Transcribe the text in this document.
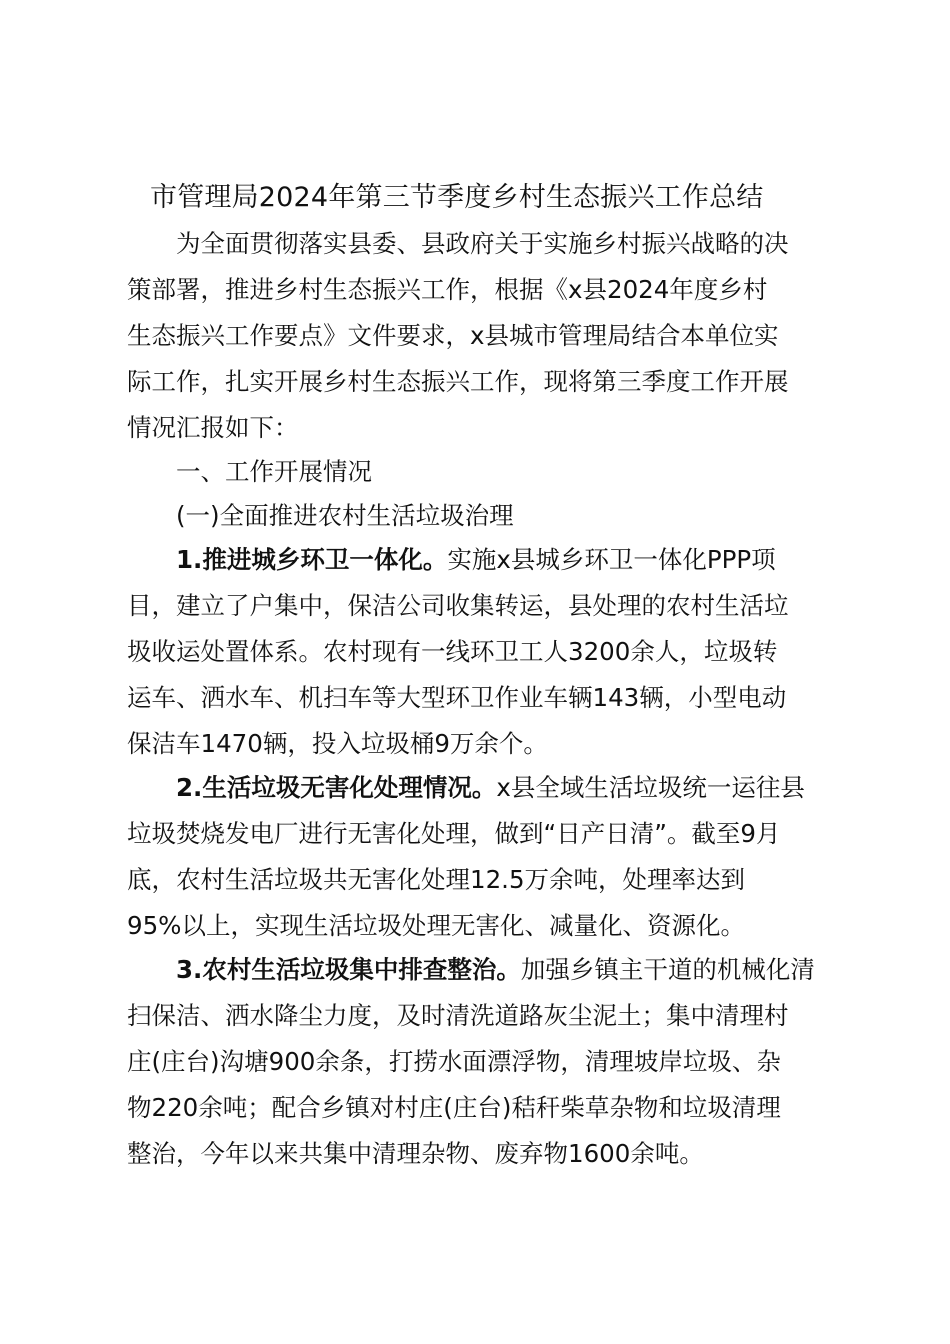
市管理局2024年第三节季度乡村生态振兴工作总结
为全面贯彻落实县委、县政府关于实施乡村振兴战略的决
策部署，推进乡村生态振兴工作，根据《x县2024年度乡村
生态振兴工作要点》文件要求，x县城市管理局结合本单位实
际工作，扎实开展乡村生态振兴工作，现将第三季度工作开展
情况汇报如下：
一、工作开展情况
(一)全面推进农村生活垃圾治理
1.推进城乡环卫一体化。实施x县城乡环卫一体化PPP项
目，建立了户集中，保洁公司收集转运，县处理的农村生活垃
圾收运处置体系。农村现有一线环卫工人3200余人，垃圾转
运车、洒水车、机扫车等大型环卫作业车辆143辆，小型电动
保洁车1470辆，投入垃圾桶9万余个。
2.生活垃圾无害化处理情况。x县全域生活垃圾统一运往县
垃圾焚烧发电厂进行无害化处理，做到“日产日清”。截至9月
底，农村生活垃圾共无害化处理12.5万余吨，处理率达到
95%以上，实现生活垃圾处理无害化、减量化、资源化。
3.农村生活垃圾集中排查整治。加强乡镇主干道的机械化清
扫保洁、洒水降尘力度，及时清洗道路灰尘泥土；集中清理村
庄(庄台)沟塘900余条，打捞水面漂浮物，清理坡岸垃圾、杂
物220余吨；配合乡镇对村庄(庄台)秸秆柴草杂物和垃圾清理
整治，今年以来共集中清理杂物、废弃物1600余吨。
